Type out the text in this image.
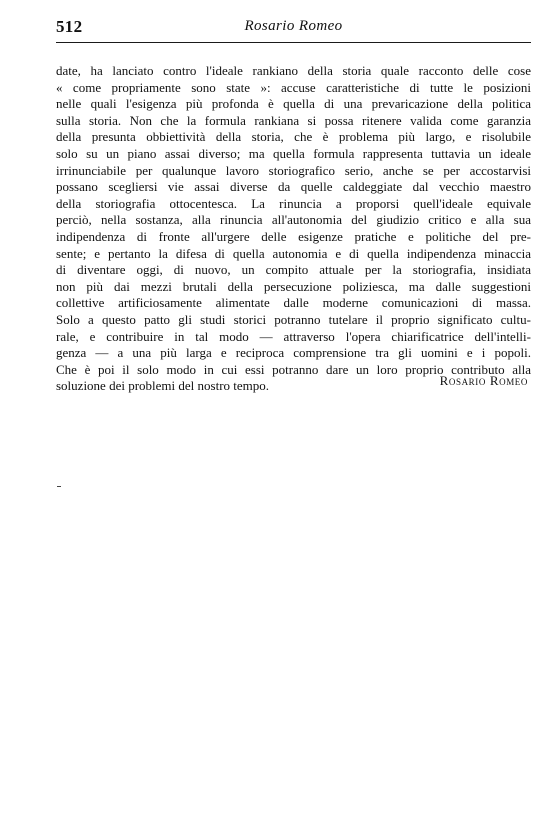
512	Rosario Romeo
date, ha lanciato contro l'ideale rankiano della storia quale racconto delle cose
« come propriamente sono state »: accuse caratteristiche di tutte le posizioni
nelle quali l'esigenza più profonda è quella di una prevaricazione della politica
sulla storia. Non che la formula rankiana si possa ritenere valida come garanzia
della presunta obbiettività della storia, che è problema più largo, e risolubile
solo su un piano assai diverso; ma quella formula rappresenta tuttavia un ideale
irrinunciabile per qualunque lavoro storiografico serio, anche se per accostarvisi
possano scegliersi vie assai diverse da quelle caldeggiate dal vecchio maestro
della storiografia ottocentesca. La rinuncia a proporsi quell'ideale equivale
perciò, nella sostanza, alla rinuncia all'autonomia del giudizio critico e alla sua
indipendenza di fronte all'urgere delle esigenze pratiche e politiche del pre-
sente; e pertanto la difesa di quella autonomia e di quella indipendenza minaccia
di diventare oggi, di nuovo, un compito attuale per la storiografia, insidiata
non più dai mezzi brutali della persecuzione poliziesca, ma dalle suggestioni
collettive artificiosamente alimentate dalle moderne comunicazioni di massa.
Solo a questo patto gli studi storici potranno tutelare il proprio significato cultu-
rale, e contribuire in tal modo — attraverso l'opera chiarificatrice dell'intelli-
genza — a una più larga e reciproca comprensione tra gli uomini e i popoli.
Che è poi il solo modo in cui essi potranno dare un loro proprio contributo alla
soluzione dei problemi del nostro tempo.	Rosario Romeo
